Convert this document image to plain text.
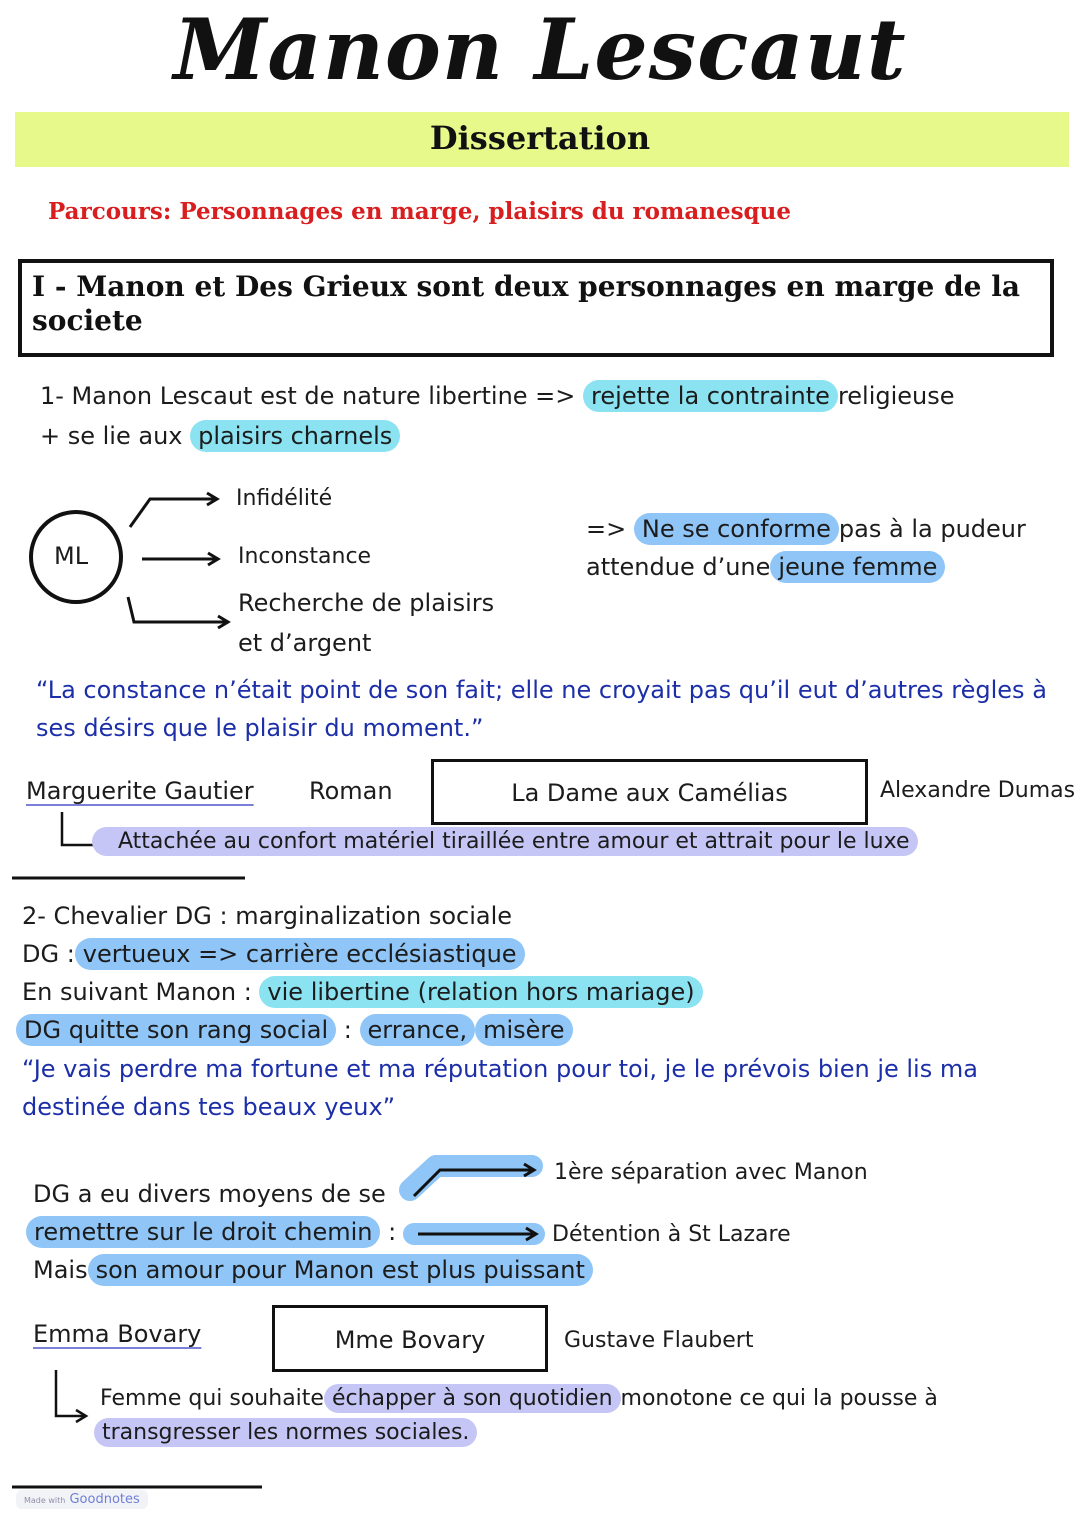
Manon Lescaut
Dissertation
Parcours: Personnages en marge, plaisirs du romanesque
I - Manon et Des Grieux sont deux personnages en marge de la societe
1- Manon Lescaut est de nature libertine => rejette la contrainte religieuse
+ se lie aux plaisirs charnels
ML
Infidélité
Inconstance
Recherche de plaisirs
et d’argent
=> Ne se conforme pas à la pudeur
attendue d’une jeune femme
“La constance n’était point de son fait; elle ne croyait pas qu’il eut d’autres règles à ses désirs que le plaisir du moment.”
Marguerite Gautier Roman	La Dame aux Camélias	Alexandre Dumas
Attachée au confort matériel tiraillée entre amour et attrait pour le luxe
2- Chevalier DG : marginalization sociale
DG : vertueux => carrière ecclésiastique
En suivant Manon : vie libertine (relation hors mariage)
DG quitte son rang social : errance, misère
“Je vais perdre ma fortune et ma réputation pour toi, je le prévois bien je lis ma destinée dans tes beaux yeux”
DG a eu divers moyens de se
remettre sur le droit chemin :
Mais son amour pour Manon est plus puissant
1ère séparation avec Manon
Détention à St Lazare
Emma Bovary	Mme Bovary	Gustave Flaubert
Femme qui souhaite échapper à son quotidien monotone ce qui la pousse à
transgresser les normes sociales.
Made with Goodnotes
